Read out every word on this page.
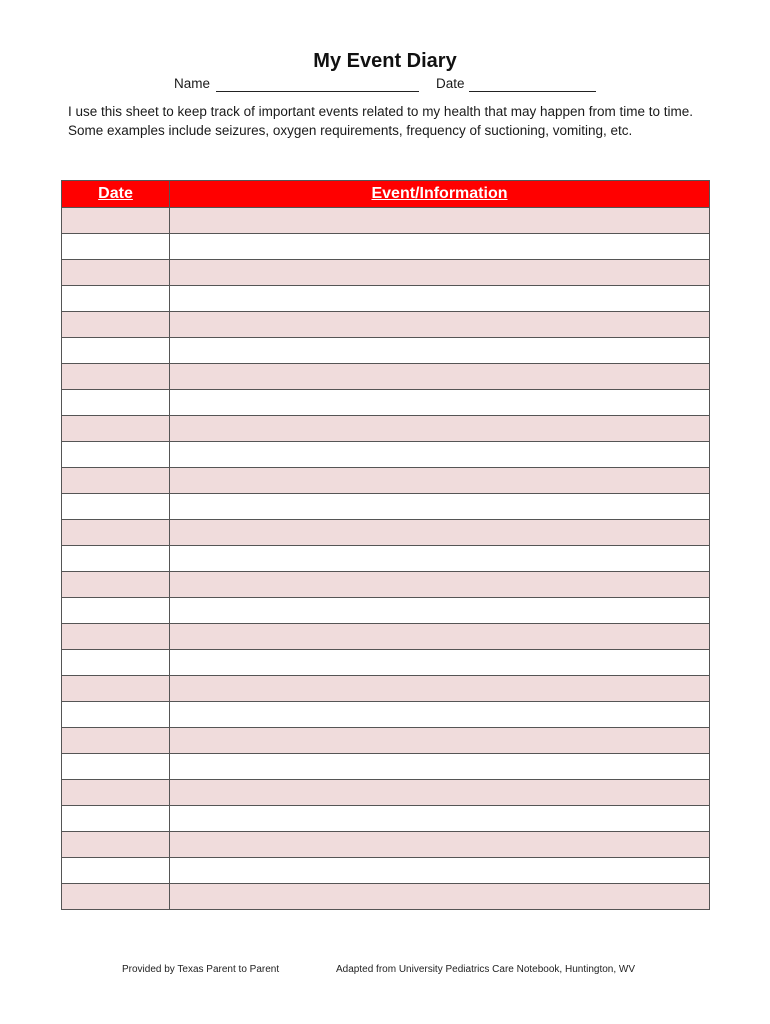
My Event Diary
Name	Date
I use this sheet to keep track of important events related to my health that may happen from time to time. Some examples include seizures, oxygen requirements, frequency of suctioning, vomiting, etc.
Date	Event/Information

Provided by Texas Parent to Parent	Adapted from University Pediatrics Care Notebook, Huntington, WV
